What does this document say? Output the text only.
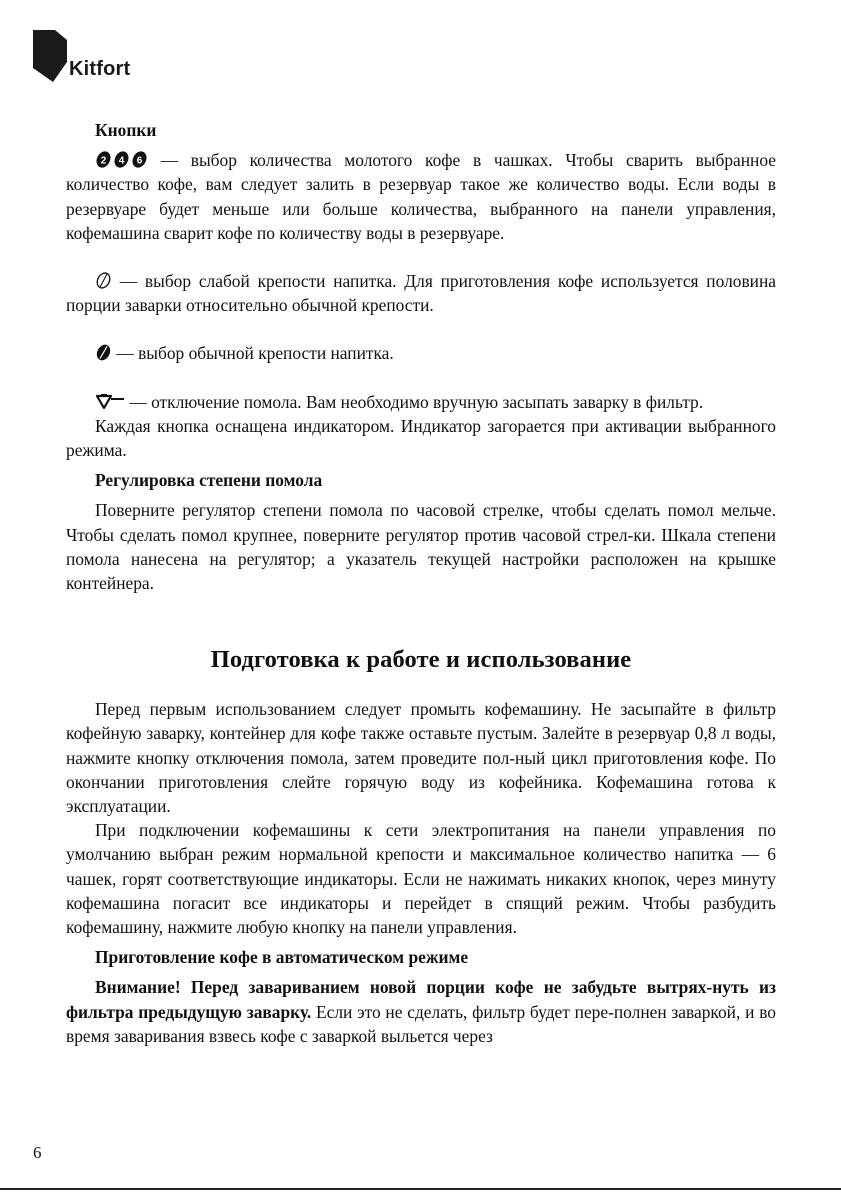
Kitfort

Кнопки

2 4 6 — выбор количества молотого кофе в чашках. Чтобы сварить выбранное количество кофе, вам следует залить в резервуар такое же количество воды. Если воды в резервуаре будет меньше или больше количества, выбранного на панели управления, кофемашина сварит кофе по количеству воды в резервуаре.

— выбор слабой крепости напитка. Для приготовления кофе используется половина порции заварки относительно обычной крепости.

— выбор обычной крепости напитка.

— отключение помола. Вам необходимо вручную засыпать заварку в фильтр.

Каждая кнопка оснащена индикатором. Индикатор загорается при активации выбранного режима.

Регулировка степени помола

Поверните регулятор степени помола по часовой стрелке, чтобы сделать помол мельче. Чтобы сделать помол крупнее, поверните регулятор против часовой стрел-ки. Шкала степени помола нанесена на регулятор; а указатель текущей настройки расположен на крышке контейнера.

Подготовка к работе и использование

Перед первым использованием следует промыть кофемашину. Не засыпайте в фильтр кофейную заварку, контейнер для кофе также оставьте пустым. Залейте в резервуар 0,8 л воды, нажмите кнопку отключения помола, затем проведите пол-ный цикл приготовления кофе. По окончании приготовления слейте горячую воду из кофейника. Кофемашина готова к эксплуатации.

При подключении кофемашины к сети электропитания на панели управления по умолчанию выбран режим нормальной крепости и максимальное количество напитка — 6 чашек, горят соответствующие индикаторы. Если не нажимать никаких кнопок, через минуту кофемашина погасит все индикаторы и перейдет в спящий режим. Чтобы разбудить кофемашину, нажмите любую кнопку на панели управления.

Приготовление кофе в автоматическом режиме

Внимание! Перед завариванием новой порции кофе не забудьте вытрях-нуть из фильтра предыдущую заварку. Если это не сделать, фильтр будет пере-полнен заваркой, и во время заваривания взвесь кофе с заваркой выльется через

6
